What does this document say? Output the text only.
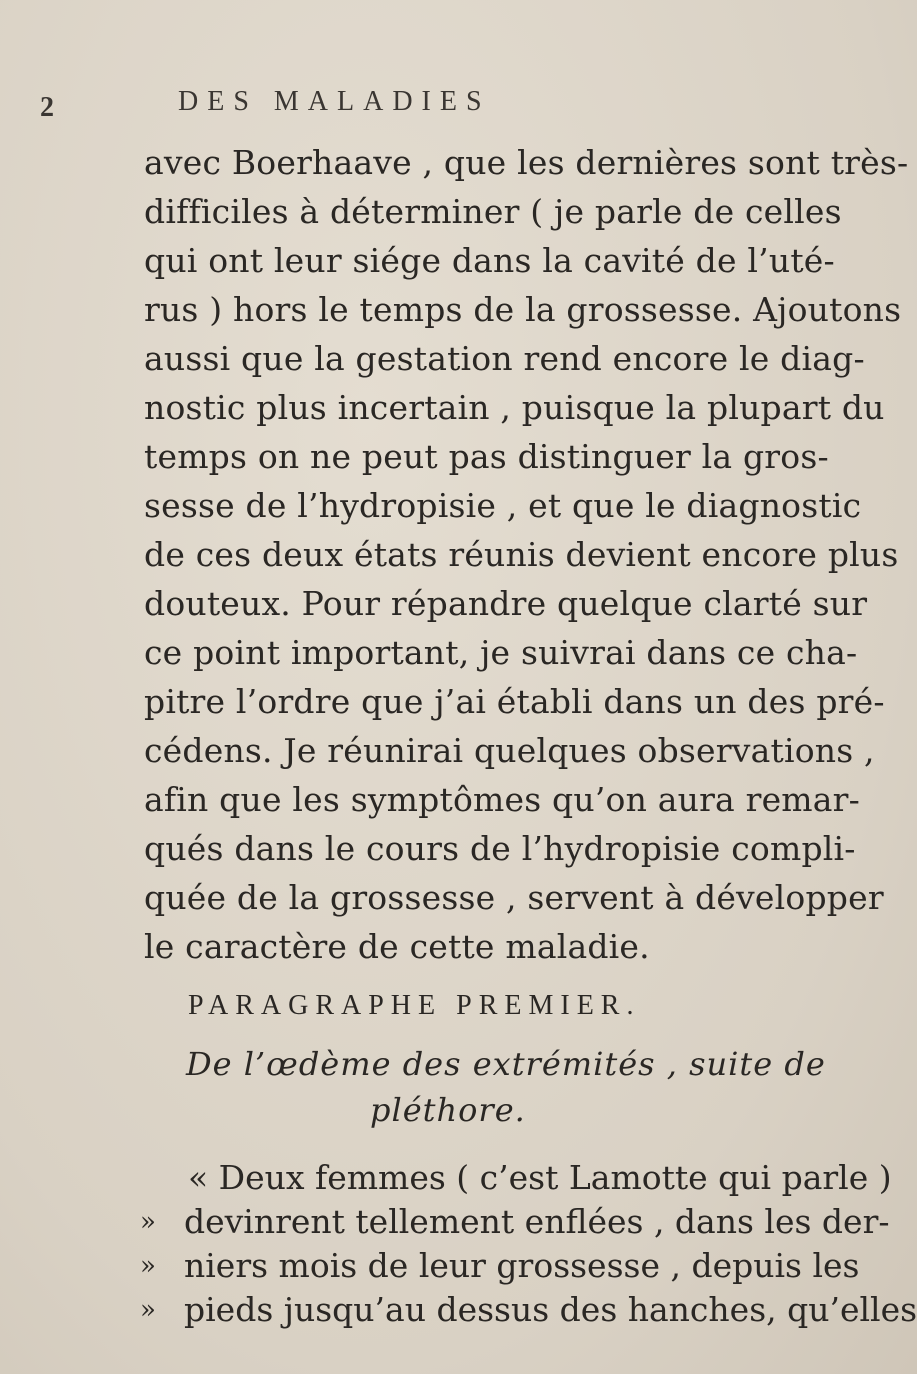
2	DES MALADIES
avec Boerhaave , que les dernières sont très-
difficiles à déterminer ( je parle de celles
qui ont leur siége dans la cavité de l’uté-
rus ) hors le temps de la grossesse. Ajoutons
aussi que la gestation rend encore le diag-
nostic plus incertain , puisque la plupart du
temps on ne peut pas distinguer la gros-
sesse de l’hydropisie , et que le diagnostic
de ces deux états réunis devient encore plus
douteux. Pour répandre quelque clarté sur
ce point important, je suivrai dans ce cha-
pitre l’ordre que j’ai établi dans un des pré-
cédens. Je réunirai quelques observations ,
afin que les symptômes qu’on aura remar-
qués dans le cours de l’hydropisie compli-
quée de la grossesse , servent à développer
le caractère de cette maladie.
PARAGRAPHE PREMIER.
De l’œdème des extrémités , suite de
pléthore.
« Deux femmes ( c’est Lamotte qui parle )
» devinrent tellement enflées , dans les der-
» niers mois de leur grossesse , depuis les
» pieds jusqu’au dessus des hanches, qu’elles
